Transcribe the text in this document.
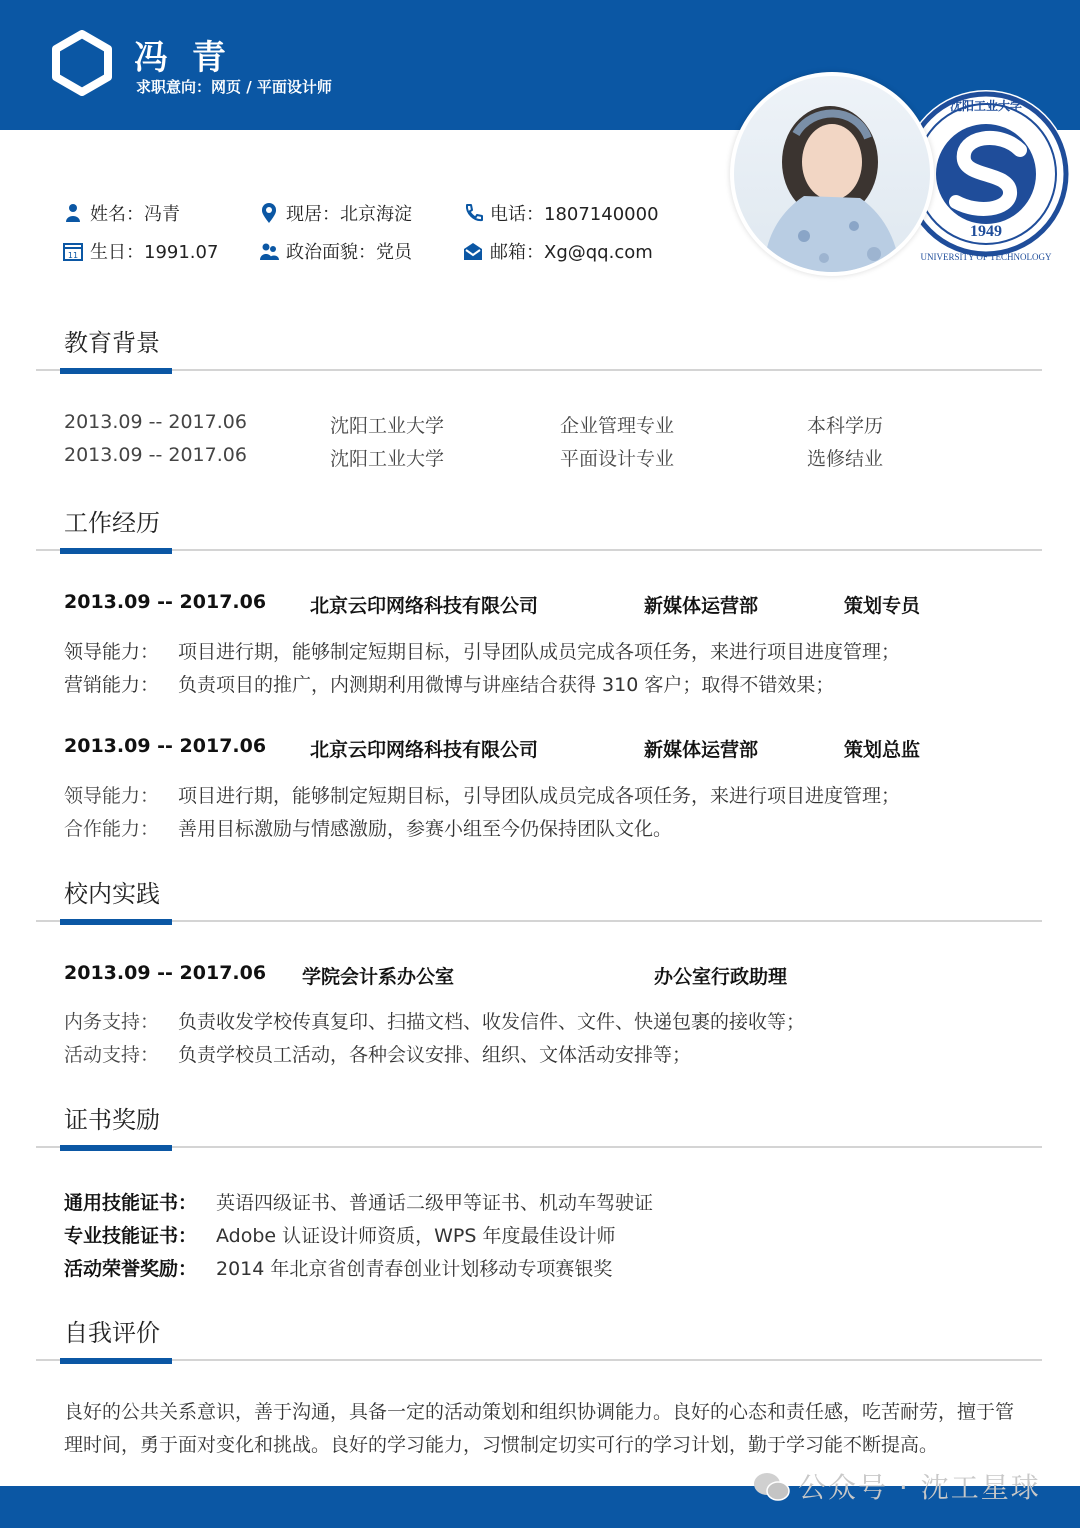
冯 青
求职意向：网页 / 平面设计师
1949
UNIVERSITY OF TECHNOLOGY
沈阳工业大学
姓名：冯青
11 生日：1991.07
现居：北京海淀
政治面貌：党员
电话：1807140000
邮箱：Xg@qq.com
教育背景
2013.09 -- 2017.06	沈阳工业大学	企业管理专业	本科学历
2013.09 -- 2017.06	沈阳工业大学	平面设计专业	选修结业
工作经历
2013.09 -- 2017.06 北京云印网络科技有限公司	新媒体运营部	策划专员
领导能力： 项目进行期，能够制定短期目标，引导团队成员完成各项任务，来进行项目进度管理；
营销能力： 负责项目的推广，内测期利用微博与讲座结合获得 310 客户；取得不错效果；
2013.09 -- 2017.06 北京云印网络科技有限公司	新媒体运营部	策划总监
领导能力： 项目进行期，能够制定短期目标，引导团队成员完成各项任务，来进行项目进度管理；
合作能力： 善用目标激励与情感激励，参赛小组至今仍保持团队文化。
校内实践
2013.09 -- 2017.06 学院会计系办公室	办公室行政助理
内务支持： 负责收发学校传真复印、扫描文档、收发信件、文件、快递包裹的接收等；
活动支持： 负责学校员工活动，各种会议安排、组织、文体活动安排等；
证书奖励
通用技能证书： 英语四级证书、普通话二级甲等证书、机动车驾驶证
专业技能证书： Adobe 认证设计师资质，WPS 年度最佳设计师
活动荣誉奖励： 2014 年北京省创青春创业计划移动专项赛银奖
自我评价
良好的公共关系意识，善于沟通，具备一定的活动策划和组织协调能力。良好的心态和责任感，吃苦耐劳，擅于管理时间，勇于面对变化和挑战。良好的学习能力，习惯制定切实可行的学习计划，勤于学习能不断提高。
公众号 · 沈工星球
